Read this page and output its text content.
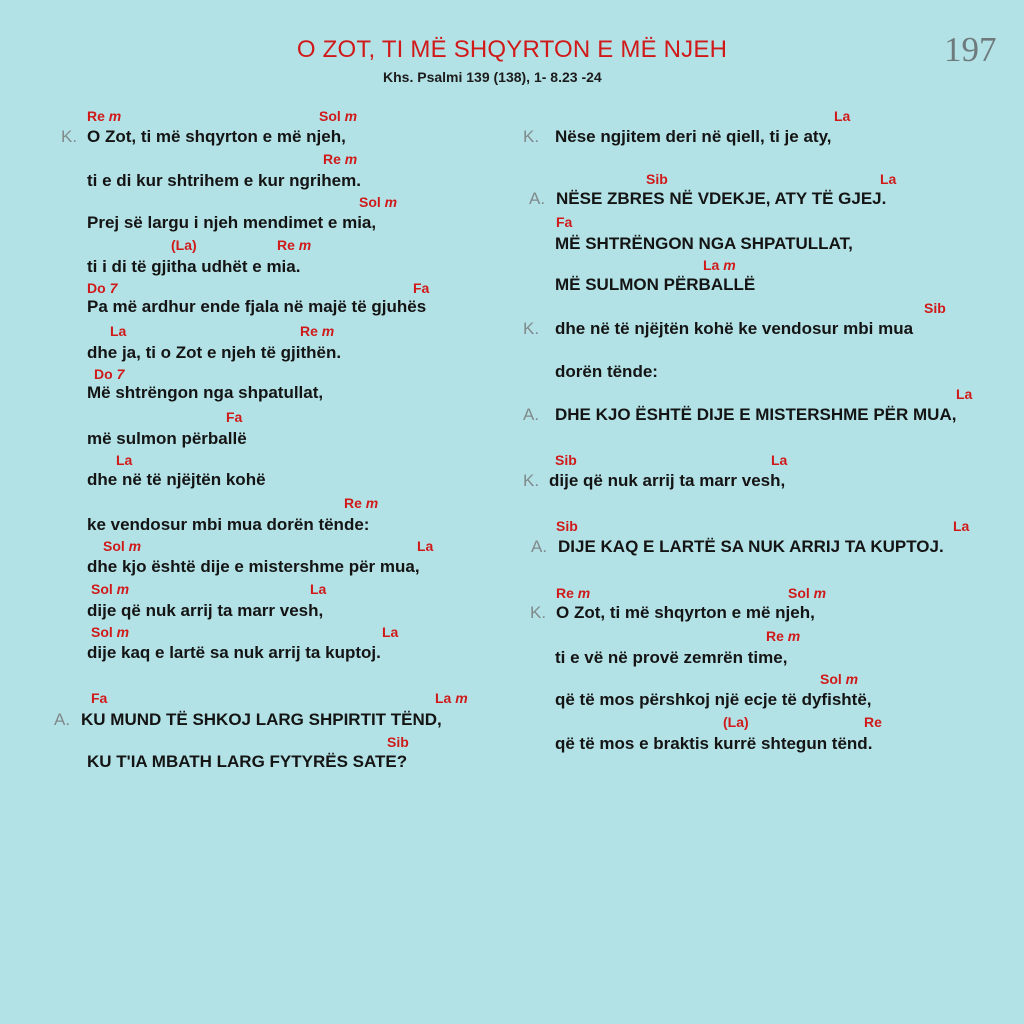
O ZOT, TI MË SHQYRTON E MË NJEH
Khs. Psalmi 139 (138), 1- 8.23 -24
197
Re m	Sol m
K. O Zot, ti më shqyrton e më njeh,
Re m
ti e di kur shtrihem e kur ngrihem.
Sol m
Prej së largu i njeh mendimet e mia,
(La)	Re m
ti i di të gjitha udhët e mia.
Do 7	Fa
Pa më ardhur ende fjala në majë të gjuhës
La	Re m
dhe ja, ti o Zot e njeh të gjithën.
Do 7
Më shtrëngon nga shpatullat,
Fa
më sulmon përballë
La
dhe në të njëjtën kohë
Re m
ke vendosur mbi mua dorën tënde:
Sol m	La
dhe kjo është dije e mistershme për mua,
Sol m	La
dije që nuk arrij ta marr vesh,
Sol m	La
dije kaq e lartë sa nuk arrij ta kuptoj.
Fa	La m
A. KU MUND TË SHKOJ LARG SHPIRTIT TËND,
Sib
KU T'IA MBATH LARG FYTYRËS SATE?
La
K. Nëse ngjitem deri në qiell, ti je aty,
Sib	La
A. NËSE ZBRES NË VDEKJE, ATY TË GJEJ.
Fa
MË SHTRËNGON NGA SHPATULLAT,
La m
MË SULMON PËRBALLË
Sib
K. dhe në të njëjtën kohë ke vendosur mbi mua
dorën tënde:
La
A. DHE KJO ËSHTË DIJE E MISTERSHME PËR MUA,
Sib	La
K. dije që nuk arrij ta marr vesh,
Sib	La
A. DIJE KAQ E LARTË SA NUK ARRIJ TA KUPTOJ.
Re m	Sol m
K. O Zot, ti më shqyrton e më njeh,
Re m
ti e vë në provë zemrën time,
Sol m
që të mos përshkoj një ecje të dyfishtë,
(La)	Re
që të mos e braktis kurrë shtegun tënd.
